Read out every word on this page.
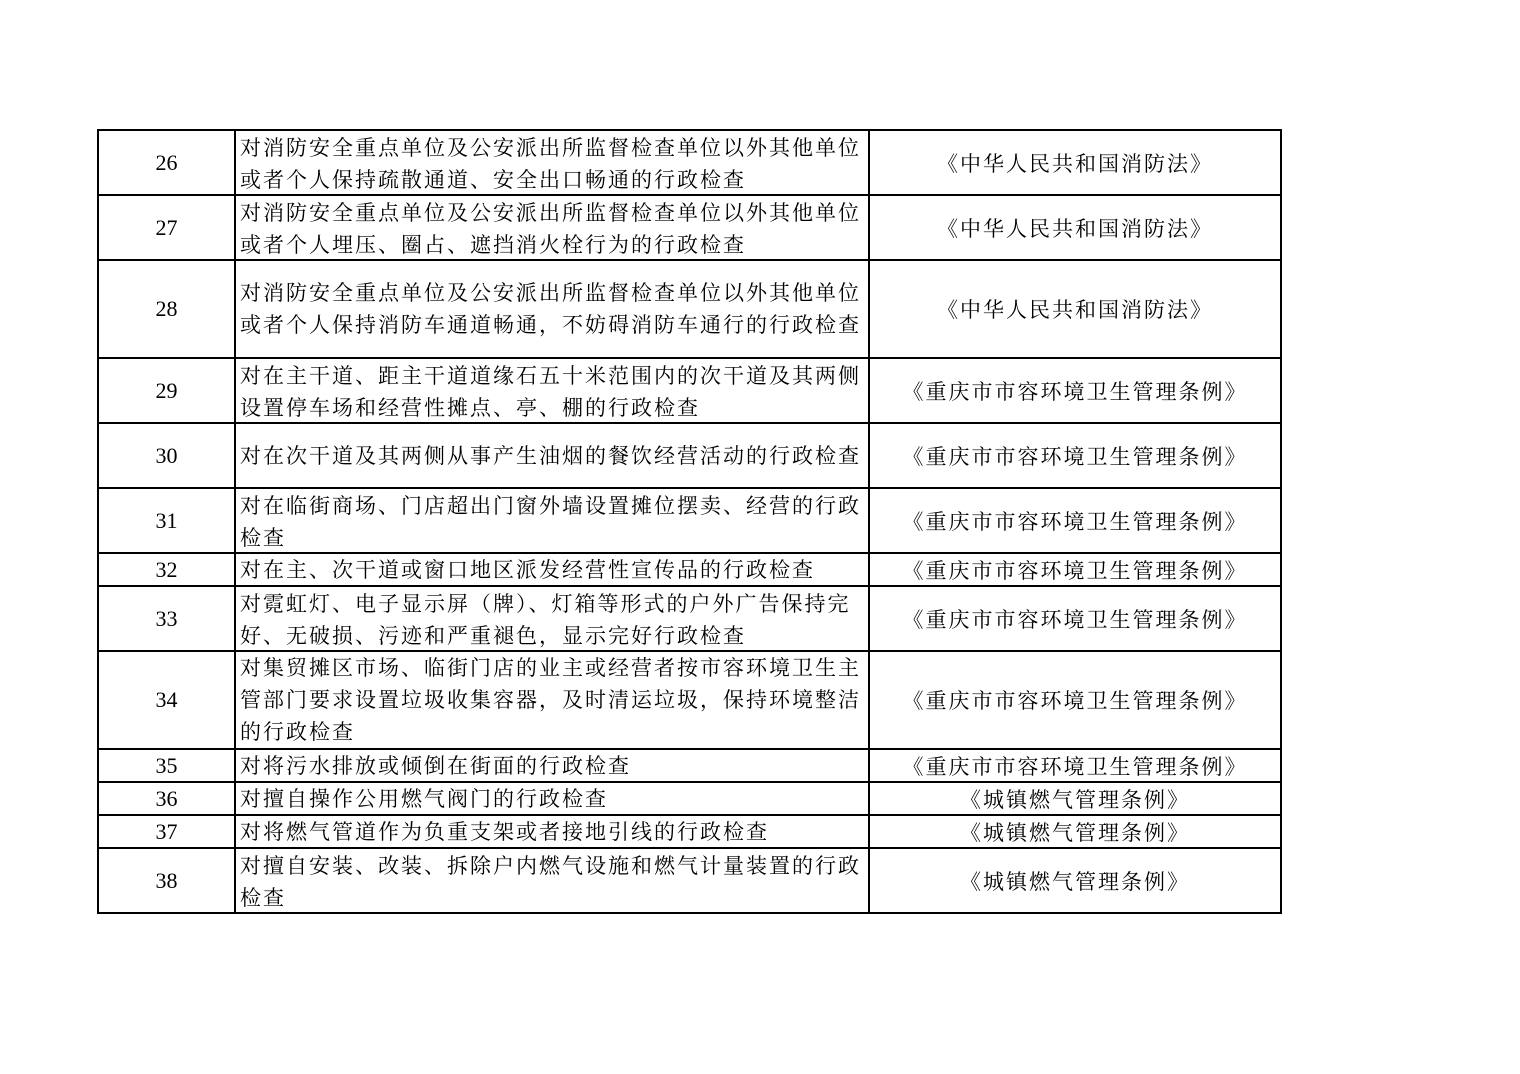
26	对消防安全重点单位及公安派出所监督检查单位以外其他单位或者个人保持疏散通道、安全出口畅通的行政检查	《中华人民共和国消防法》
27	对消防安全重点单位及公安派出所监督检查单位以外其他单位或者个人埋压、圈占、遮挡消火栓行为的行政检查	《中华人民共和国消防法》
28	对消防安全重点单位及公安派出所监督检查单位以外其他单位或者个人保持消防车通道畅通，不妨碍消防车通行的行政检查	《中华人民共和国消防法》
29	对在主干道、距主干道道缘石五十米范围内的次干道及其两侧设置停车场和经营性摊点、亭、棚的行政检查	《重庆市市容环境卫生管理条例》
30	对在次干道及其两侧从事产生油烟的餐饮经营活动的行政检查	《重庆市市容环境卫生管理条例》
31	对在临街商场、门店超出门窗外墙设置摊位摆卖、经营的行政检查	《重庆市市容环境卫生管理条例》
32	对在主、次干道或窗口地区派发经营性宣传品的行政检查	《重庆市市容环境卫生管理条例》
33	对霓虹灯、电子显示屏（牌）、灯箱等形式的户外广告保持完好、无破损、污迹和严重褪色，显示完好行政检查	《重庆市市容环境卫生管理条例》
34	对集贸摊区市场、临街门店的业主或经营者按市容环境卫生主管部门要求设置垃圾收集容器，及时清运垃圾，保持环境整洁的行政检查	《重庆市市容环境卫生管理条例》
35	对将污水排放或倾倒在街面的行政检查	《重庆市市容环境卫生管理条例》
36	对擅自操作公用燃气阀门的行政检查	《城镇燃气管理条例》
37	对将燃气管道作为负重支架或者接地引线的行政检查	《城镇燃气管理条例》
38	对擅自安装、改装、拆除户内燃气设施和燃气计量装置的行政检查	《城镇燃气管理条例》
